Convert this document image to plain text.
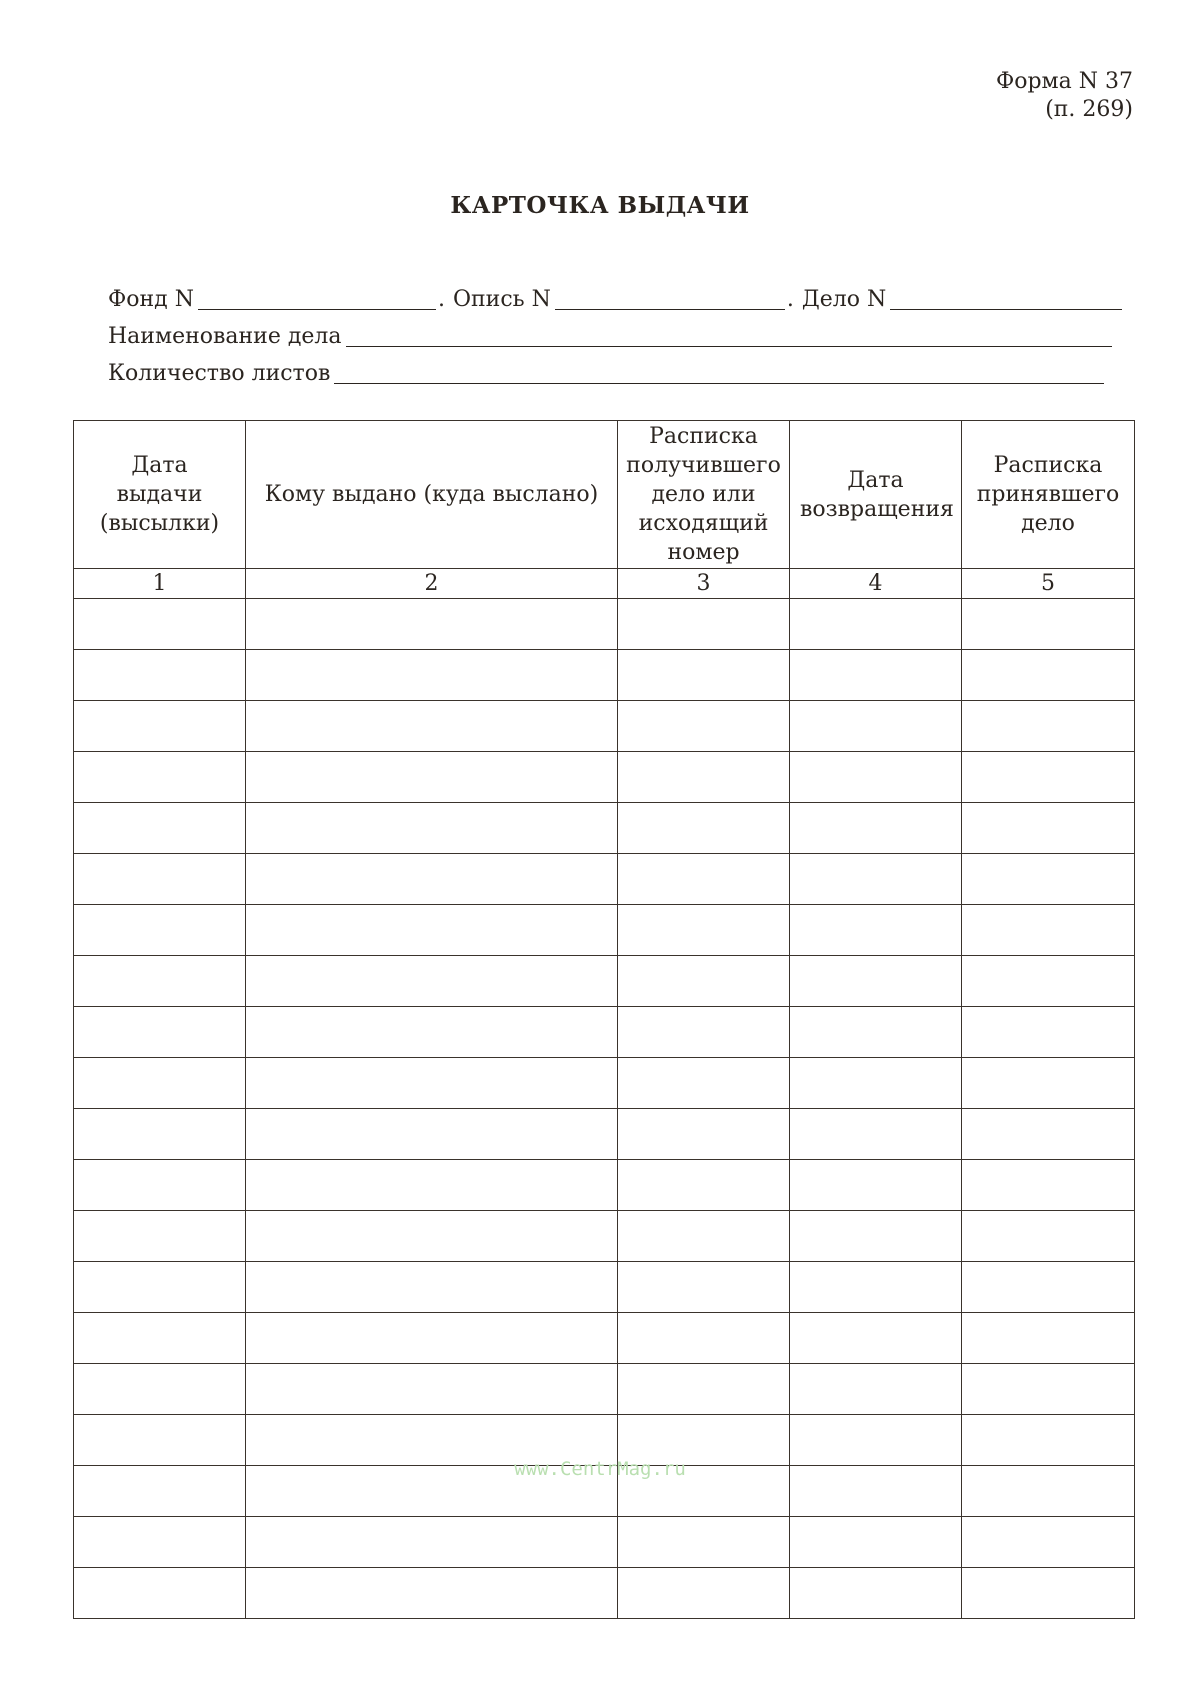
Форма N 37
(п. 269)
КАРТОЧКА ВЫДАЧИ
Фонд N	. Опись N	. Дело N
Наименование дела
Количество листов
Дата выдачи (высылки)	Кому выдано (куда выслано)	Расписка получившего дело или исходящий номер	Дата возвращения	Расписка принявшего дело
1	2	3	4	5

www.CentrMag.ru
